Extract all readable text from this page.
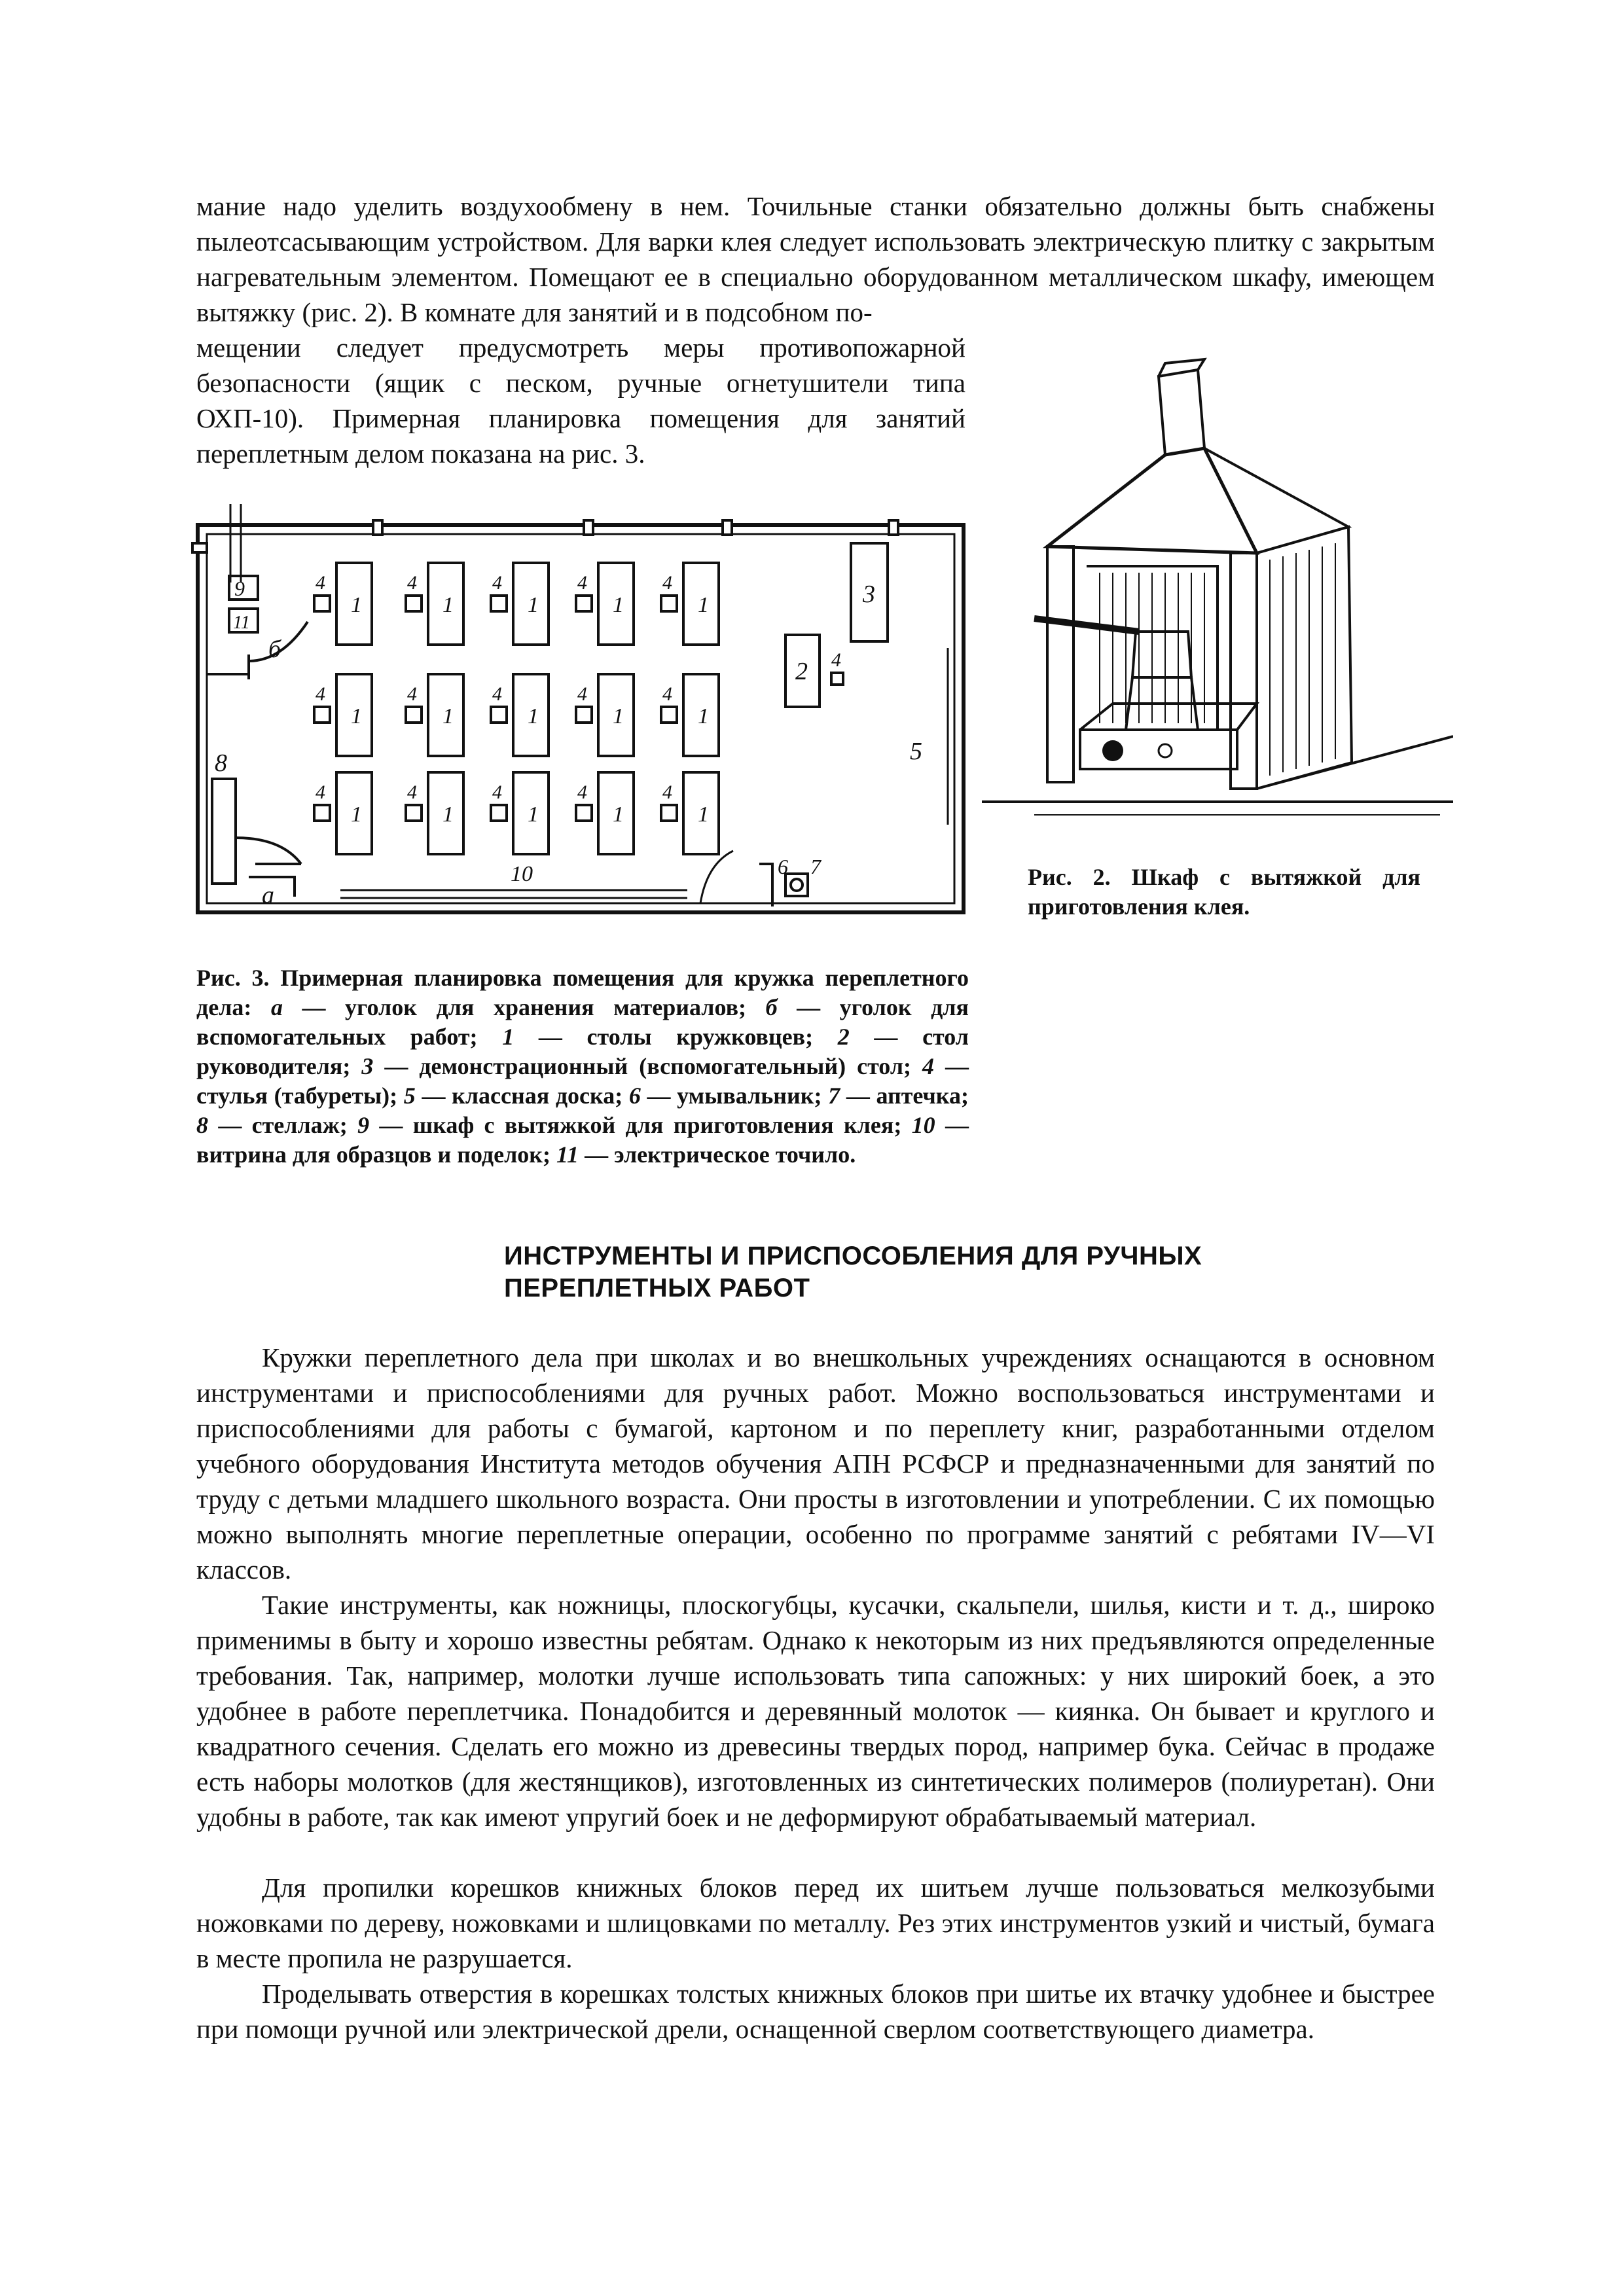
мание надо уделить воздухообмену в нем. Точильные станки обязательно должны быть снабжены пылеотсасывающим устройством. Для варки клея следует использовать электрическую плитку с закрытым нагревательным элементом. Помещают ее в специально оборудованном металлическом шкафу, имеющем вытяжку (рис. 2). В комнате для занятий и в подсобном по-

мещении следует предусмотреть меры противопожарной безопасности (ящик с песком, ручные огнетушители типа ОХП-10). Примерная планировка помещения для занятий переплетным делом показана на рис. 3.

1
4
1
4
1
4
1
4
1
4
1
4
1
4
1
4
1
4
1
4
1
4
1
4
1
4
1
4
1
4
8
9
11
б
а
10
3
2 4
5
6 7

Рис. 3. Примерная планировка помещения для кружка переплетного дела: а — уголок для хранения материалов; б — уголок для вспомогательных работ; 1 — столы кружковцев; 2 — стол руководителя; 3 — демонстрационный (вспомогательный) стол; 4 — стулья (табуреты); 5 — классная доска; 6 — умывальник; 7 — аптечка; 8 — стеллаж; 9 — шкаф с вытяжкой для приготовления клея; 10 — витрина для образцов и поделок; 11 — электрическое точило.

Рис. 2. Шкаф с вытяжкой для приготовления клея.

ИНСТРУМЕНТЫ И ПРИСПОСОБЛЕНИЯ ДЛЯ РУЧНЫХ

ПЕРЕПЛЕТНЫХ РАБОТ

Кружки переплетного дела при школах и во внешкольных учреждениях оснащаются в основном инструментами и приспособлениями для ручных работ. Можно воспользоваться инструментами и приспособлениями для работы с бумагой, картоном и по переплету книг, разработанными отделом учебного оборудования Института методов обучения АПН РСФСР и предназначенными для занятий по труду с детьми младшего школьного возраста. Они просты в изготовлении и употреблении. С их помощью можно выполнять многие переплетные операции, особенно по программе занятий с ребятами IV—VI классов.

Такие инструменты, как ножницы, плоскогубцы, кусачки, скальпели, шилья, кисти и т. д., широко применимы в быту и хорошо известны ребятам. Однако к некоторым из них предъявляются определенные требования. Так, например, молотки лучше использовать типа сапожных: у них широкий боек, а это удобнее в работе переплетчика. Понадобится и деревянный молоток — киянка. Он бывает и круглого и квадратного сечения. Сделать его можно из древесины твердых пород, например бука. Сейчас в продаже есть наборы молотков (для жестянщиков), изготовленных из синтетических полимеров (полиуретан). Они удобны в работе, так как имеют упругий боек и не деформируют обрабатываемый материал.

Для пропилки корешков книжных блоков перед их шитьем лучше пользоваться мелкозубыми ножовками по дереву, ножовками и шлицовками по металлу. Рез этих инструментов узкий и чистый, бумага в месте пропила не разрушается.

Проделывать отверстия в корешках толстых книжных блоков при шитье их втачку удобнее и быстрее при помощи ручной или электрической дрели, оснащенной сверлом соответствующего диаметра.
